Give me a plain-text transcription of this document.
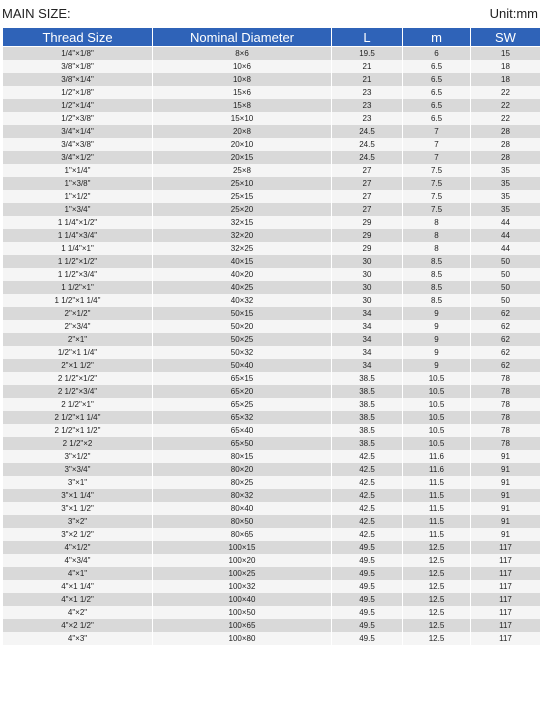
MAIN SIZE:	Unit:mm
Thread Size	Nominal Diameter	L	m	SW
1/4"×1/8"	8×6	19.5	6	15
3/8"×1/8"	10×6	21	6.5	18
3/8"×1/4"	10×8	21	6.5	18
1/2"×1/8"	15×6	23	6.5	22
1/2"×1/4"	15×8	23	6.5	22
1/2"×3/8"	15×10	23	6.5	22
3/4"×1/4"	20×8	24.5	7	28
3/4"×3/8"	20×10	24.5	7	28
3/4"×1/2"	20×15	24.5	7	28
1"×1/4"	25×8	27	7.5	35
1"×3/8"	25×10	27	7.5	35
1"×1/2"	25×15	27	7.5	35
1"×3/4"	25×20	27	7.5	35
1 1/4"×1/2"	32×15	29	8	44
1 1/4"×3/4"	32×20	29	8	44
1 1/4"×1"	32×25	29	8	44
1 1/2"×1/2"	40×15	30	8.5	50
1 1/2"×3/4"	40×20	30	8.5	50
1 1/2"×1"	40×25	30	8.5	50
1 1/2"×1 1/4"	40×32	30	8.5	50
2"×1/2"	50×15	34	9	62
2"×3/4"	50×20	34	9	62
2"×1"	50×25	34	9	62
1/2"×1 1/4"	50×32	34	9	62
2"×1 1/2"	50×40	34	9	62
2 1/2"×1/2"	65×15	38.5	10.5	78
2 1/2"×3/4"	65×20	38.5	10.5	78
2 1/2"×1"	65×25	38.5	10.5	78
2 1/2"×1 1/4"	65×32	38.5	10.5	78
2 1/2"×1 1/2"	65×40	38.5	10.5	78
2 1/2"×2	65×50	38.5	10.5	78
3"×1/2"	80×15	42.5	11.6	91
3"×3/4"	80×20	42.5	11.6	91
3"×1"	80×25	42.5	11.5	91
3"×1 1/4"	80×32	42.5	11.5	91
3"×1 1/2"	80×40	42.5	11.5	91
3"×2"	80×50	42.5	11.5	91
3"×2 1/2"	80×65	42.5	11.5	91
4"×1/2"	100×15	49.5	12.5	117
4"×3/4"	100×20	49.5	12.5	117
4"×1"	100×25	49.5	12.5	117
4"×1 1/4"	100×32	49.5	12.5	117
4"×1 1/2"	100×40	49.5	12.5	117
4"×2"	100×50	49.5	12.5	117
4"×2 1/2"	100×65	49.5	12.5	117
4"×3"	100×80	49.5	12.5	117
